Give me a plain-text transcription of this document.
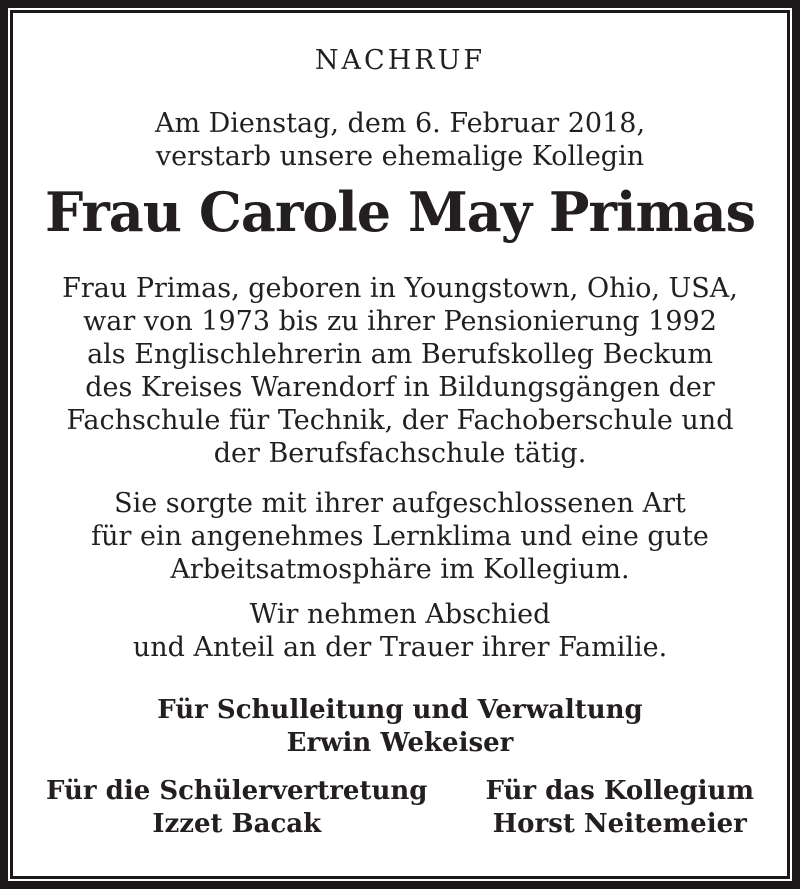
NACHRUF
Am Dienstag, dem 6. Februar 2018,
verstarb unsere ehemalige Kollegin
Frau Carole May Primas
Frau Primas, geboren in Youngstown, Ohio, USA,
war von 1973 bis zu ihrer Pensionierung 1992
als Englischlehrerin am Berufskolleg Beckum
des Kreises Warendorf in Bildungsgängen der
Fachschule für Technik, der Fachoberschule und
der Berufsfachschule tätig.
Sie sorgte mit ihrer aufgeschlossenen Art
für ein angenehmes Lernklima und eine gute
Arbeitsatmosphäre im Kollegium.
Wir nehmen Abschied
und Anteil an der Trauer ihrer Familie.
Für Schulleitung und Verwaltung
Erwin Wekeiser
Für die Schülervertretung
Izzet Bacak
Für das Kollegium
Horst Neitemeier
